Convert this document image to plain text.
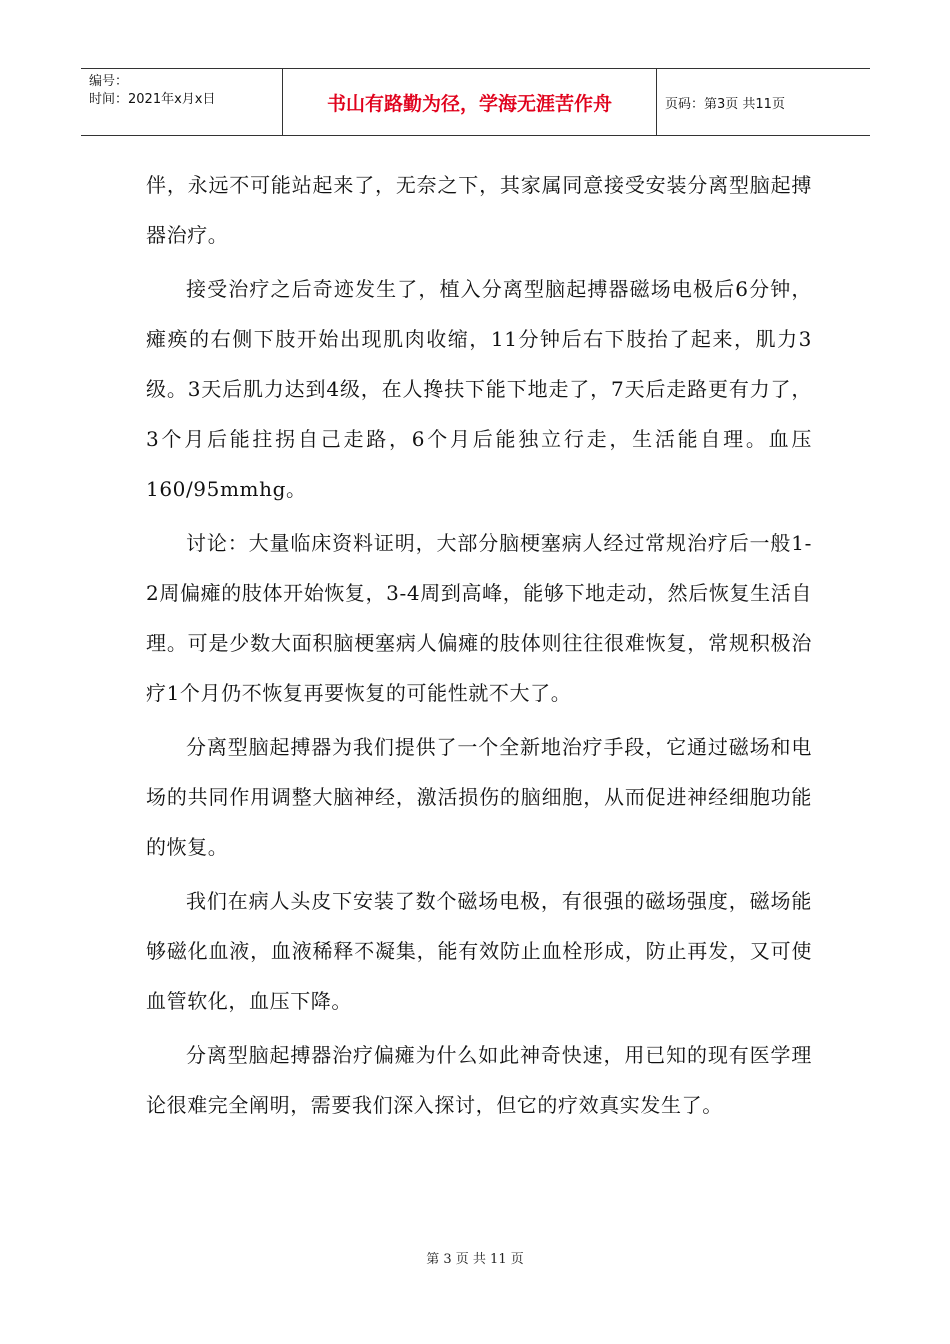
编号：
时间：2021年x月x日	书山有路勤为径，学海无涯苦作舟	页码：第3页 共11页

伴，永远不可能站起来了，无奈之下，其家属同意接受安装分离型脑起搏器治疗。

接受治疗之后奇迹发生了，植入分离型脑起搏器磁场电极后6分钟，瘫痪的右侧下肢开始出现肌肉收缩，11分钟后右下肢抬了起来，肌力3级。3天后肌力达到4级，在人搀扶下能下地走了，7天后走路更有力了，3个月后能拄拐自己走路，6个月后能独立行走，生活能自理。血压160/95mmhg。

讨论：大量临床资料证明，大部分脑梗塞病人经过常规治疗后一般1-2周偏瘫的肢体开始恢复，3-4周到高峰，能够下地走动，然后恢复生活自理。可是少数大面积脑梗塞病人偏瘫的肢体则往往很难恢复，常规积极治疗1个月仍不恢复再要恢复的可能性就不大了。

分离型脑起搏器为我们提供了一个全新地治疗手段，它通过磁场和电场的共同作用调整大脑神经，激活损伤的脑细胞，从而促进神经细胞功能的恢复。

我们在病人头皮下安装了数个磁场电极，有很强的磁场强度，磁场能够磁化血液，血液稀释不凝集，能有效防止血栓形成，防止再发，又可使血管软化，血压下降。

分离型脑起搏器治疗偏瘫为什么如此神奇快速，用已知的现有医学理论很难完全阐明，需要我们深入探讨，但它的疗效真实发生了。

第 3 页 共 11 页
